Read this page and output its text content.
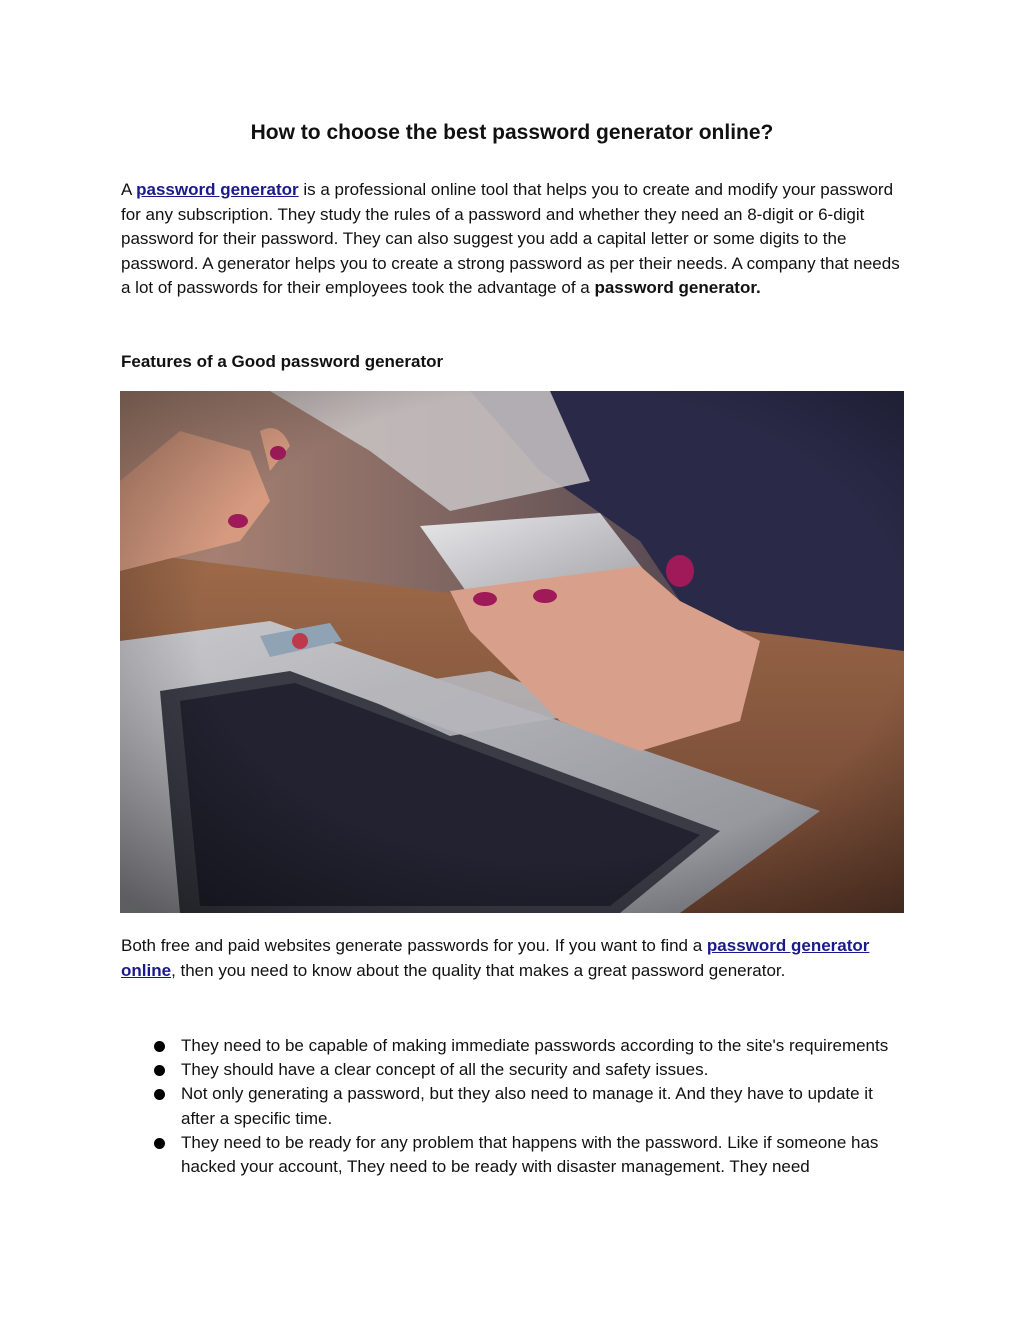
How to choose the best password generator online?

A password generator is a professional online tool that helps you to create and modify your password for any subscription. They study the rules of a password and whether they need an 8-digit or 6-digit password for their password. They can also suggest you add a capital letter or some digits to the password. A generator helps you to create a strong password as per their needs. A company that needs a lot of passwords for their employees took the advantage of a password generator.

Features of a Good password generator

Both free and paid websites generate passwords for you. If you want to find a password generator online, then you need to know about the quality that makes a great password generator.

They need to be capable of making immediate passwords according to the site's requirements
They should have a clear concept of all the security and safety issues.
Not only generating a password, but they also need to manage it. And they have to update it after a specific time.
They need to be ready for any problem that happens with the password. Like if someone has hacked your account, They need to be ready with disaster management. They need
